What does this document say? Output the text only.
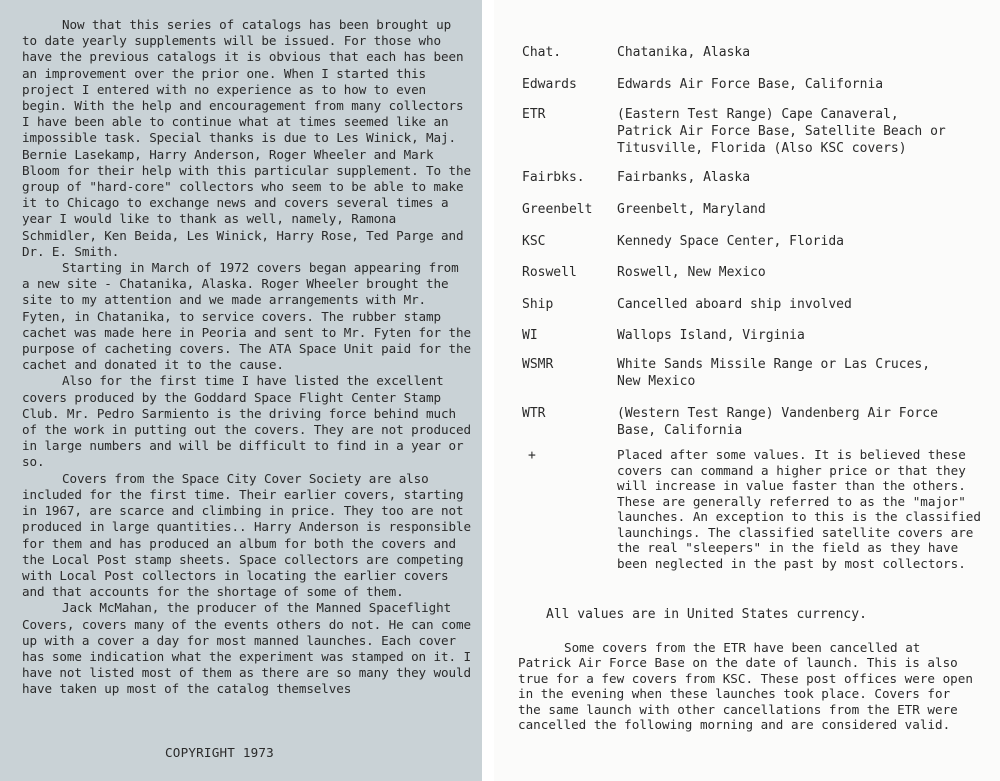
Now that this series of catalogs has been brought up to date yearly supplements will be issued. For those who have the previous catalogs it is obvious that each has been an improvement over the prior one. When I started this project I entered with no experience as to how to even begin. With the help and encouragement from many collectors I have been able to continue what at times seemed like an impossible task. Special thanks is due to Les Winick, Maj. Bernie Lasekamp, Harry Anderson, Roger Wheeler and Mark Bloom for their help with this particular supplement. To the group of "hard-core" collectors who seem to be able to make it to Chicago to exchange news and covers several times a year I would like to thank as well, namely, Ramona Schmidler, Ken Beida, Les Winick, Harry Rose, Ted Parge and Dr. E. Smith.

Starting in March of 1972 covers began appearing from a new site - Chatanika, Alaska. Roger Wheeler brought the site to my attention and we made arrangements with Mr. Fyten, in Chatanika, to service covers. The rubber stamp cachet was made here in Peoria and sent to Mr. Fyten for the purpose of cacheting covers. The ATA Space Unit paid for the cachet and donated it to the cause.

Also for the first time I have listed the excellent covers produced by the Goddard Space Flight Center Stamp Club. Mr. Pedro Sarmiento is the driving force behind much of the work in putting out the covers. They are not produced in large numbers and will be difficult to find in a year or so.

Covers from the Space City Cover Society are also included for the first time. Their earlier covers, starting in 1967, are scarce and climbing in price. They too are not produced in large quantities.. Harry Anderson is responsible for them and has produced an album for both the covers and the Local Post stamp sheets. Space collectors are competing with Local Post collectors in locating the earlier covers and that accounts for the shortage of some of them.

Jack McMahan, the producer of the Manned Spaceflight Covers, covers many of the events others do not. He can come up with a cover a day for most manned launches. Each cover has some indication what the experiment was stamped on it. I have not listed most of them as there are so many they would have taken up most of the catalog themselves

COPYRIGHT 1973
Chat.	Chatanika, Alaska
Edwards	Edwards Air Force Base, California
ETR	(Eastern Test Range) Cape Canaveral, Patrick Air Force Base, Satellite Beach or Titusville, Florida (Also KSC covers)
Fairbks.	Fairbanks, Alaska
Greenbelt	Greenbelt, Maryland
KSC	Kennedy Space Center, Florida
Roswell	Roswell, New Mexico
Ship	Cancelled aboard ship involved
WI	Wallops Island, Virginia
WSMR	White Sands Missile Range or Las Cruces, New Mexico
WTR	(Western Test Range) Vandenberg Air Force Base, California
+	Placed after some values. It is believed these covers can command a higher price or that they will increase in value faster than the others. These are generally referred to as the "major" launches. An exception to this is the classified launchings. The classified satellite covers are the real "sleepers" in the field as they have been neglected in the past by most collectors.
All values are in United States currency.

Some covers from the ETR have been cancelled at Patrick Air Force Base on the date of launch. This is also true for a few covers from KSC. These post offices were open in the evening when these launches took place. Covers for the same launch with other cancellations from the ETR were cancelled the following morning and are considered valid.
